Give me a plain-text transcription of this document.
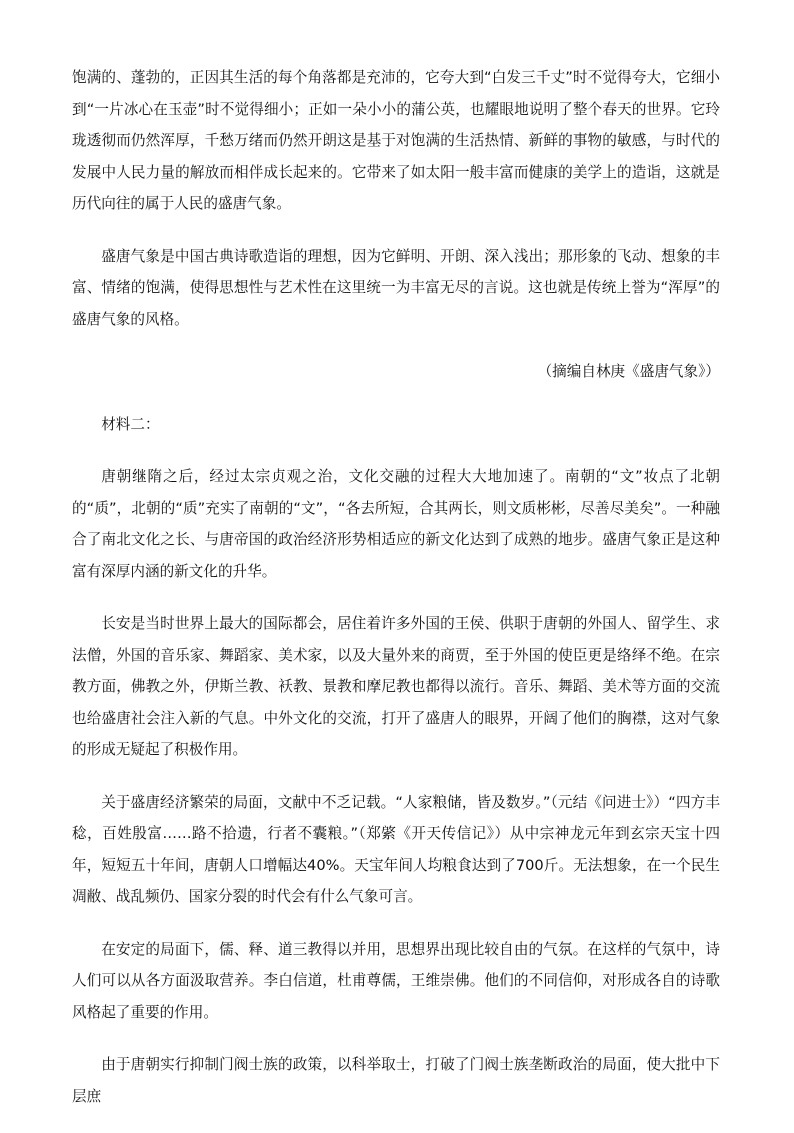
饱满的、蓬勃的，正因其生活的每个角落都是充沛的，它夸大到“白发三千丈”时不觉得夸大，它细小到“一片冰心在玉壶”时不觉得细小；正如一朵小小的蒲公英，也耀眼地说明了整个春天的世界。它玲珑透彻而仍然浑厚，千愁万绪而仍然开朗这是基于对饱满的生活热情、新鲜的事物的敏感，与时代的发展中人民力量的解放而相伴成长起来的。它带来了如太阳一般丰富而健康的美学上的造诣，这就是历代向往的属于人民的盛唐气象。

盛唐气象是中国古典诗歌造诣的理想，因为它鲜明、开朗、深入浅出；那形象的飞动、想象的丰富、情绪的饱满，使得思想性与艺术性在这里统一为丰富无尽的言说。这也就是传统上誉为“浑厚”的盛唐气象的风格。

（摘编自林庚《盛唐气象》）

材料二：

唐朝继隋之后，经过太宗贞观之治，文化交融的过程大大地加速了。南朝的“文”妆点了北朝的“质”，北朝的“质”充实了南朝的“文”，“各去所短，合其两长，则文质彬彬，尽善尽美矣”。一种融合了南北文化之长、与唐帝国的政治经济形势相适应的新文化达到了成熟的地步。盛唐气象正是这种富有深厚内涵的新文化的升华。

长安是当时世界上最大的国际都会，居住着许多外国的王侯、供职于唐朝的外国人、留学生、求法僧，外国的音乐家、舞蹈家、美术家，以及大量外来的商贾，至于外国的使臣更是络绎不绝。在宗教方面，佛教之外，伊斯兰教、袄教、景教和摩尼教也都得以流行。音乐、舞蹈、美术等方面的交流也给盛唐社会注入新的气息。中外文化的交流，打开了盛唐人的眼界，开阔了他们的胸襟，这对气象的形成无疑起了积极作用。

关于盛唐经济繁荣的局面，文献中不乏记载。“人家粮储，皆及数岁。”（元结《问进士》）“四方丰稔，百姓殷富……路不拾遗，行者不囊粮。”（郑綮《开天传信记》）从中宗神龙元年到玄宗天宝十四年，短短五十年间，唐朝人口增幅达40%。天宝年间人均粮食达到了700斤。无法想象，在一个民生凋敝、战乱频仍、国家分裂的时代会有什么气象可言。

在安定的局面下，儒、释、道三教得以并用，思想界出现比较自由的气氛。在这样的气氛中，诗人们可以从各方面汲取营养。李白信道，杜甫尊儒，王维崇佛。他们的不同信仰，对形成各自的诗歌风格起了重要的作用。

由于唐朝实行抑制门阀士族的政策，以科举取士，打破了门阀士族垄断政治的局面，使大批中下层庶
